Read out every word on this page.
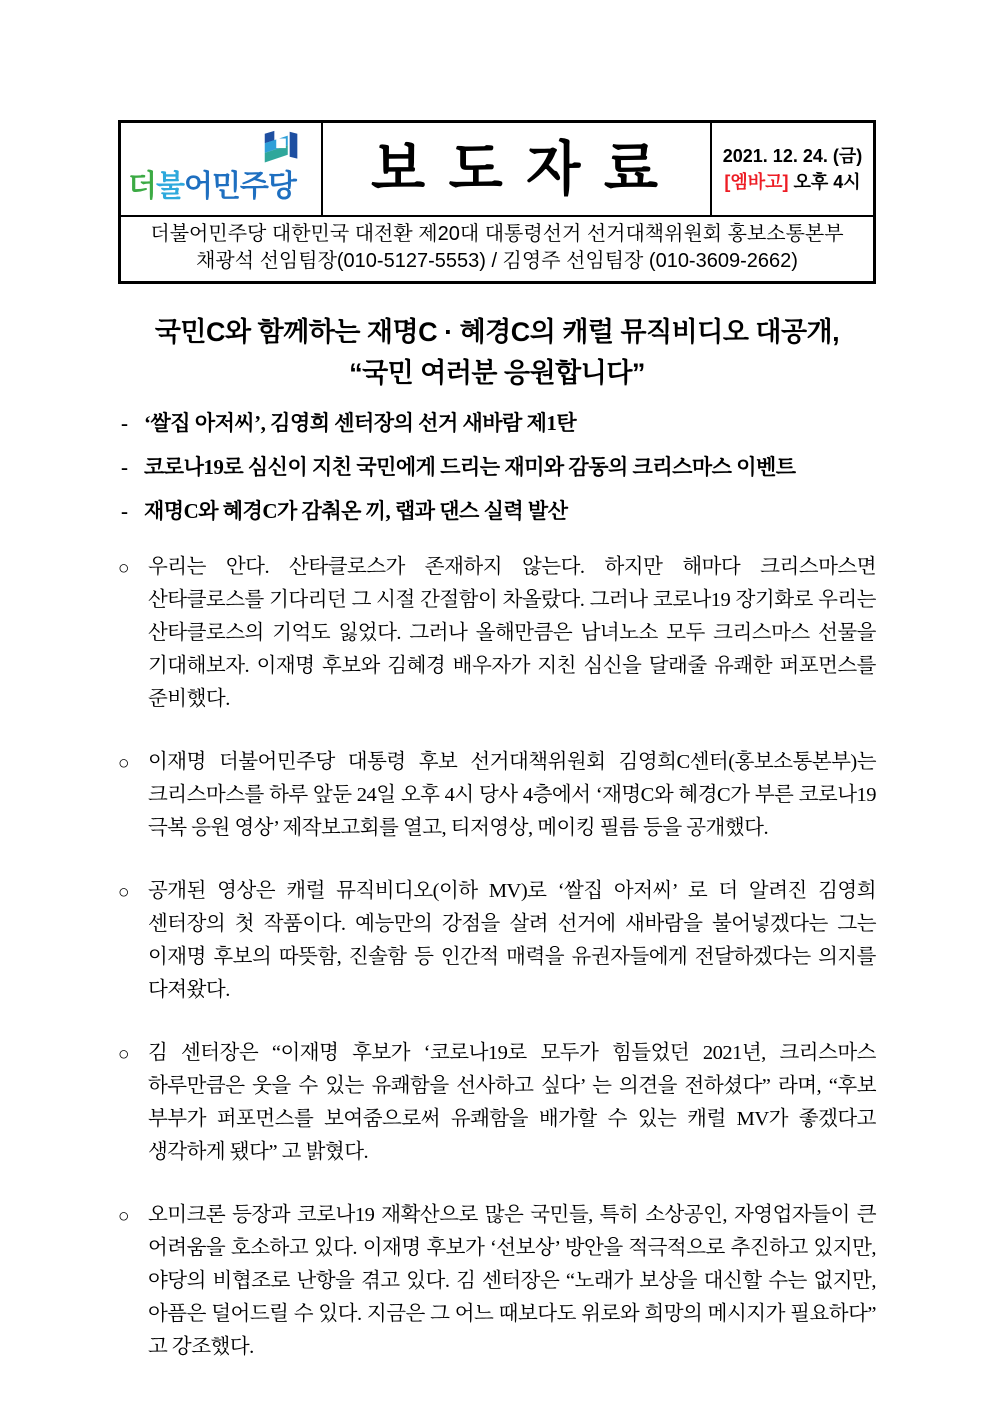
더불어민주당 보 도 자 료	2021. 12. 24. (금)
[엠바고] 오후 4시
더불어민주당 대한민국 대전환 제20대 대통령선거 선거대책위원회 홍보소통본부
채광석 선임팀장(010-5127-5553) / 김영주 선임팀장 (010-3609-2662)
국민C와 함께하는 재명C · 혜경C의 캐럴 뮤직비디오 대공개,
“국민 여러분 응원합니다”
- ‘쌀집 아저씨’, 김영희 센터장의 선거 새바람 제1탄
- 코로나19로 심신이 지친 국민에게 드리는 재미와 감동의 크리스마스 이벤트
- 재명C와 혜경C가 감춰온 끼, 랩과 댄스 실력 발산
○ 우리는 안다. 산타클로스가 존재하지 않는다. 하지만 해마다 크리스마스면 산타클로스를 기다리던 그 시절 간절함이 차올랐다. 그러나 코로나19 장기화로 우리는 산타클로스의 기억도 잃었다. 그러나 올해만큼은 남녀노소 모두 크리스마스 선물을 기대해보자. 이재명 후보와 김혜경 배우자가 지친 심신을 달래줄 유쾌한 퍼포먼스를 준비했다.
○ 이재명 더불어민주당 대통령 후보 선거대책위원회 김영희C센터(홍보소통본부)는 크리스마스를 하루 앞둔 24일 오후 4시 당사 4층에서 ‘재명C와 혜경C가 부른 코로나19 극복 응원 영상’ 제작보고회를 열고, 티저영상, 메이킹 필름 등을 공개했다.
○ 공개된 영상은 캐럴 뮤직비디오(이하 MV)로 ‘쌀집 아저씨’ 로 더 알려진 김영희 센터장의 첫 작품이다. 예능만의 강점을 살려 선거에 새바람을 불어넣겠다는 그는 이재명 후보의 따뜻함, 진솔함 등 인간적 매력을 유권자들에게 전달하겠다는 의지를 다져왔다.
○ 김 센터장은 “이재명 후보가 ‘코로나19로 모두가 힘들었던 2021년, 크리스마스 하루만큼은 웃을 수 있는 유쾌함을 선사하고 싶다’ 는 의견을 전하셨다” 라며, “후보 부부가 퍼포먼스를 보여줌으로써 유쾌함을 배가할 수 있는 캐럴 MV가 좋겠다고 생각하게 됐다” 고 밝혔다.
○ 오미크론 등장과 코로나19 재확산으로 많은 국민들, 특히 소상공인, 자영업자들이 큰 어려움을 호소하고 있다. 이재명 후보가 ‘선보상’ 방안을 적극적으로 추진하고 있지만, 야당의 비협조로 난항을 겪고 있다. 김 센터장은 “노래가 보상을 대신할 수는 없지만, 아픔은 덜어드릴 수 있다. 지금은 그 어느 때보다도 위로와 희망의 메시지가 필요하다” 고 강조했다.
